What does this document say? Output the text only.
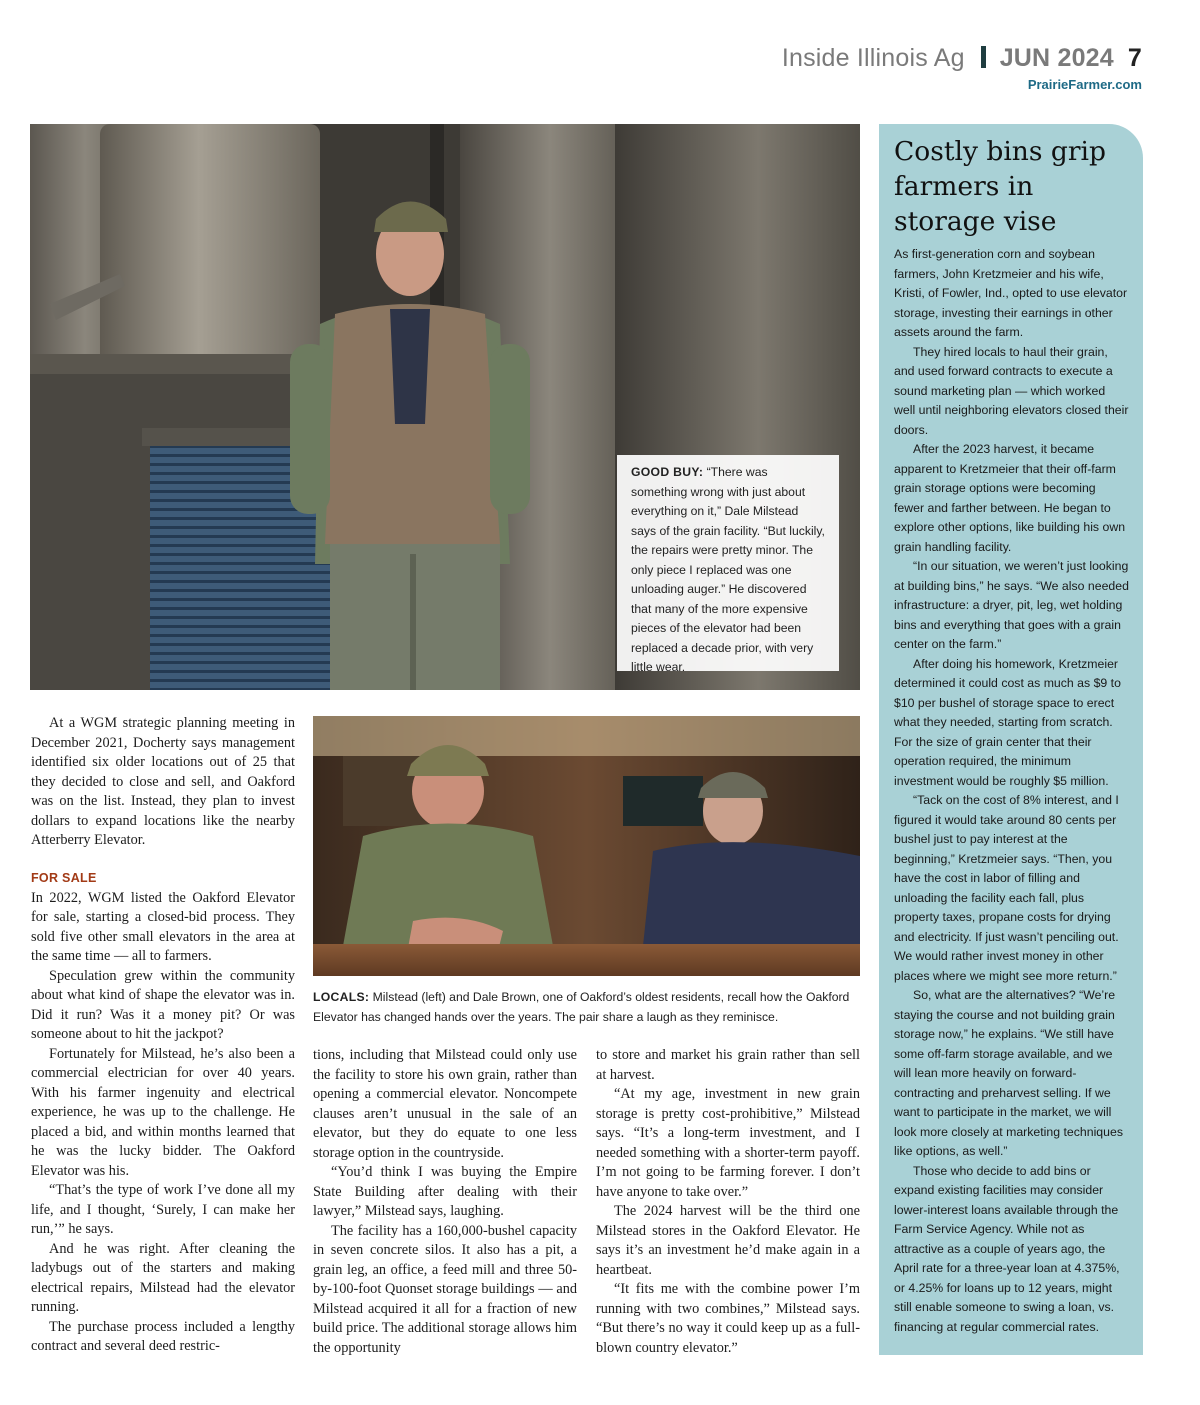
Inside Illinois Ag JUN 2024 7
PrairieFarmer.com
GOOD BUY: “There was something wrong with just about everything on it,” Dale Milstead says of the grain facility. “But luckily, the repairs were pretty minor. The only piece I replaced was one unloading auger.” He discovered that many of the more expensive pieces of the elevator had been replaced a decade prior, with very little wear.
LOCALS: Milstead (left) and Dale Brown, one of Oakford’s oldest residents, recall how the Oakford Elevator has changed hands over the years. The pair share a laugh as they reminisce.

At a WGM strategic planning meeting in December 2021, Docherty says management identified six older locations out of 25 that they decided to close and sell, and Oakford was on the list. Instead, they plan to invest dollars to expand locations like the nearby Atterberry Elevator.

FOR SALE

In 2022, WGM listed the Oakford Elevator for sale, starting a closed-bid process. They sold five other small elevators in the area at the same time — all to farmers.

Speculation grew within the community about what kind of shape the elevator was in. Did it run? Was it a money pit? Or was someone about to hit the jackpot?

Fortunately for Milstead, he’s also been a commercial electrician for over 40 years. With his farmer ingenuity and electrical experience, he was up to the challenge. He placed a bid, and within months learned that he was the lucky bidder. The Oakford Elevator was his.

“That’s the type of work I’ve done all my life, and I thought, ‘Surely, I can make her run,’” he says.

And he was right. After cleaning the ladybugs out of the starters and making electrical repairs, Milstead had the elevator running.

The purchase process included a lengthy contract and several deed restric-

tions, including that Milstead could only use the facility to store his own grain, rather than opening a commercial elevator. Noncompete clauses aren’t unusual in the sale of an elevator, but they do equate to one less storage option in the countryside.

“You’d think I was buying the Empire State Building after dealing with their lawyer,” Milstead says, laughing.

The facility has a 160,000-bushel capacity in seven concrete silos. It also has a pit, a grain leg, an office, a feed mill and three 50-by-100-foot Quonset storage buildings — and Milstead acquired it all for a fraction of new build price. The additional storage allows him the opportunity

to store and market his grain rather than sell at harvest.

“At my age, investment in new grain storage is pretty cost-prohibitive,” Milstead says. “It’s a long-term investment, and I needed something with a shorter-term payoff. I’m not going to be farming forever. I don’t have anyone to take over.”

The 2024 harvest will be the third one Milstead stores in the Oakford Elevator. He says it’s an investment he’d make again in a heartbeat.

“It fits me with the combine power I’m running with two combines,” Milstead says. “But there’s no way it could keep up as a full-blown country elevator.”

Costly bins grip farmers in storage vise

As first-generation corn and soybean farmers, John Kretzmeier and his wife, Kristi, of Fowler, Ind., opted to use elevator storage, investing their earnings in other assets around the farm.

They hired locals to haul their grain, and used forward contracts to execute a sound marketing plan — which worked well until neighboring elevators closed their doors.

After the 2023 harvest, it became apparent to Kretzmeier that their off-farm grain storage options were becoming fewer and farther between. He began to explore other options, like building his own grain handling facility.

“In our situation, we weren’t just looking at building bins,” he says. “We also needed infrastructure: a dryer, pit, leg, wet holding bins and everything that goes with a grain center on the farm.”

After doing his homework, Kretzmeier determined it could cost as much as $9 to $10 per bushel of storage space to erect what they needed, starting from scratch. For the size of grain center that their operation required, the minimum investment would be roughly $5 million.

“Tack on the cost of 8% interest, and I figured it would take around 80 cents per bushel just to pay interest at the beginning,” Kretzmeier says. “Then, you have the cost in labor of filling and unloading the facility each fall, plus property taxes, propane costs for drying and electricity. If just wasn’t penciling out. We would rather invest money in other places where we might see more return.”

So, what are the alternatives? “We’re staying the course and not building grain storage now,” he explains. “We still have some off-farm storage available, and we will lean more heavily on forward-contracting and preharvest selling. If we want to participate in the market, we will look more closely at marketing techniques like options, as well.”

Those who decide to add bins or expand existing facilities may consider lower-interest loans available through the Farm Service Agency. While not as attractive as a couple of years ago, the April rate for a three-year loan at 4.375%, or 4.25% for loans up to 12 years, might still enable someone to swing a loan, vs. financing at regular commercial rates.
